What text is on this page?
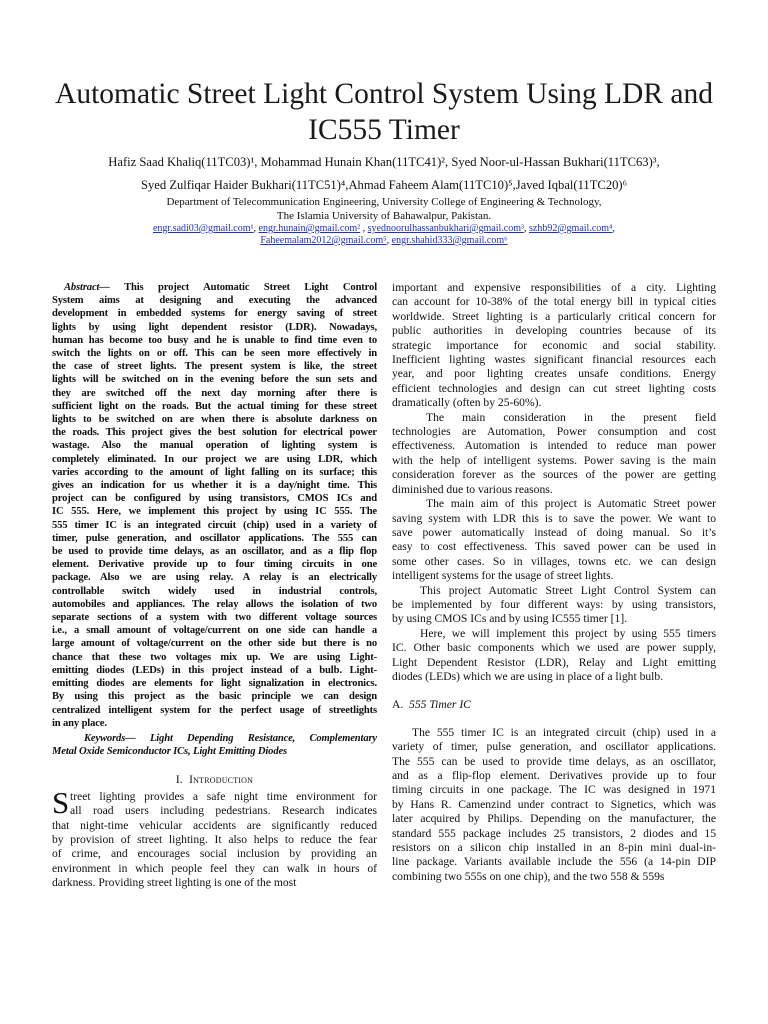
Automatic Street Light Control System Using LDR and
IC555 Timer
Hafiz Saad Khaliq(11TC03)¹, Mohammad Hunain Khan(11TC41)², Syed Noor-ul-Hassan Bukhari(11TC63)³,
Syed Zulfiqar Haider Bukhari(11TC51)⁴,Ahmad Faheem Alam(11TC10)⁵,Javed Iqbal(11TC20)⁶
Department of Telecommunication Engineering, University College of Engineering & Technology,
The Islamia University of Bahawalpur, Pakistan.
engr.sadi03@gmail.com¹, engr.hunain@gmail.com² , syednoorulhassanbukhari@gmail.com³, szhb92@gmail.com⁴,
Faheemalam2012@gmail.com⁵, engr.shahid333@gmail.com⁶
Abstract— This project Automatic Street Light Control
System aims at designing and executing the advanced
development in embedded systems for energy saving of street
lights by using light dependent resistor (LDR). Nowadays,
human has become too busy and he is unable to find time even to
switch the lights on or off. This can be seen more effectively in
the case of street lights. The present system is like, the street
lights will be switched on in the evening before the sun sets and
they are switched off the next day morning after there is
sufficient light on the roads. But the actual timing for these street
lights to be switched on are when there is absolute darkness on
the roads. This project gives the best solution for electrical power
wastage. Also the manual operation of lighting system is
completely eliminated. In our project we are using LDR, which
varies according to the amount of light falling on its surface; this
gives an indication for us whether it is a day/night time. This
project can be configured by using transistors, CMOS ICs and
IC 555. Here, we implement this project by using IC 555. The
555 timer IC is an integrated circuit (chip) used in a variety of
timer, pulse generation, and oscillator applications. The 555 can
be used to provide time delays, as an oscillator, and as a flip flop
element. Derivative provide up to four timing circuits in one
package. Also we are using relay. A relay is an electrically
controllable switch widely used in industrial controls,
automobiles and appliances. The relay allows the isolation of two
separate sections of a system with two different voltage sources
i.e., a small amount of voltage/current on one side can handle a
large amount of voltage/current on the other side but there is no
chance that these two voltages mix up. We are using Light-
emitting diodes (LEDs) in this project instead of a bulb. Light-
emitting diodes are elements for light signalization in electronics.
By using this project as the basic principle we can design
centralized intelligent system for the perfect usage of streetlights
in any place.
Keywords— Light Depending Resistance, Complementary
Metal Oxide Semiconductor ICs, Light Emitting Diodes
I. Introduction
S treet lighting provides a safe night time environment for
all road users including pedestrians. Research indicates
that night-time vehicular accidents are significantly reduced
by provision of street lighting. It also helps to reduce the fear
of crime, and encourages social inclusion by providing an
environment in which people feel they can walk in hours of
darkness. Providing street lighting is one of the most
important and expensive responsibilities of a city. Lighting
can account for 10-38% of the total energy bill in typical cities
worldwide. Street lighting is a particularly critical concern for
public authorities in developing countries because of its
strategic importance for economic and social stability.
Inefficient lighting wastes significant financial resources each
year, and poor lighting creates unsafe conditions. Energy
efficient technologies and design can cut street lighting costs
dramatically (often by 25-60%).
The main consideration in the present field
technologies are Automation, Power consumption and cost
effectiveness. Automation is intended to reduce man power
with the help of intelligent systems. Power saving is the main
consideration forever as the sources of the power are getting
diminished due to various reasons.
The main aim of this project is Automatic Street power
saving system with LDR this is to save the power. We want to
save power automatically instead of doing manual. So it’s
easy to cost effectiveness. This saved power can be used in
some other cases. So in villages, towns etc. we can design
intelligent systems for the usage of street lights.
This project Automatic Street Light Control System can
be implemented by four different ways: by using transistors,
by using CMOS ICs and by using IC555 timer [1].
Here, we will implement this project by using 555 timers
IC. Other basic components which we used are power supply,
Light Dependent Resistor (LDR), Relay and Light emitting
diodes (LEDs) which we are using in place of a light bulb.
A. 555 Timer IC
The 555 timer IC is an integrated circuit (chip) used in a
variety of timer, pulse generation, and oscillator applications.
The 555 can be used to provide time delays, as an oscillator,
and as a flip-flop element. Derivatives provide up to four
timing circuits in one package. The IC was designed in 1971
by Hans R. Camenzind under contract to Signetics, which was
later acquired by Philips. Depending on the manufacturer, the
standard 555 package includes 25 transistors, 2 diodes and 15
resistors on a silicon chip installed in an 8-pin mini dual-in-
line package. Variants available include the 556 (a 14-pin DIP
combining two 555s on one chip), and the two 558 & 559s
